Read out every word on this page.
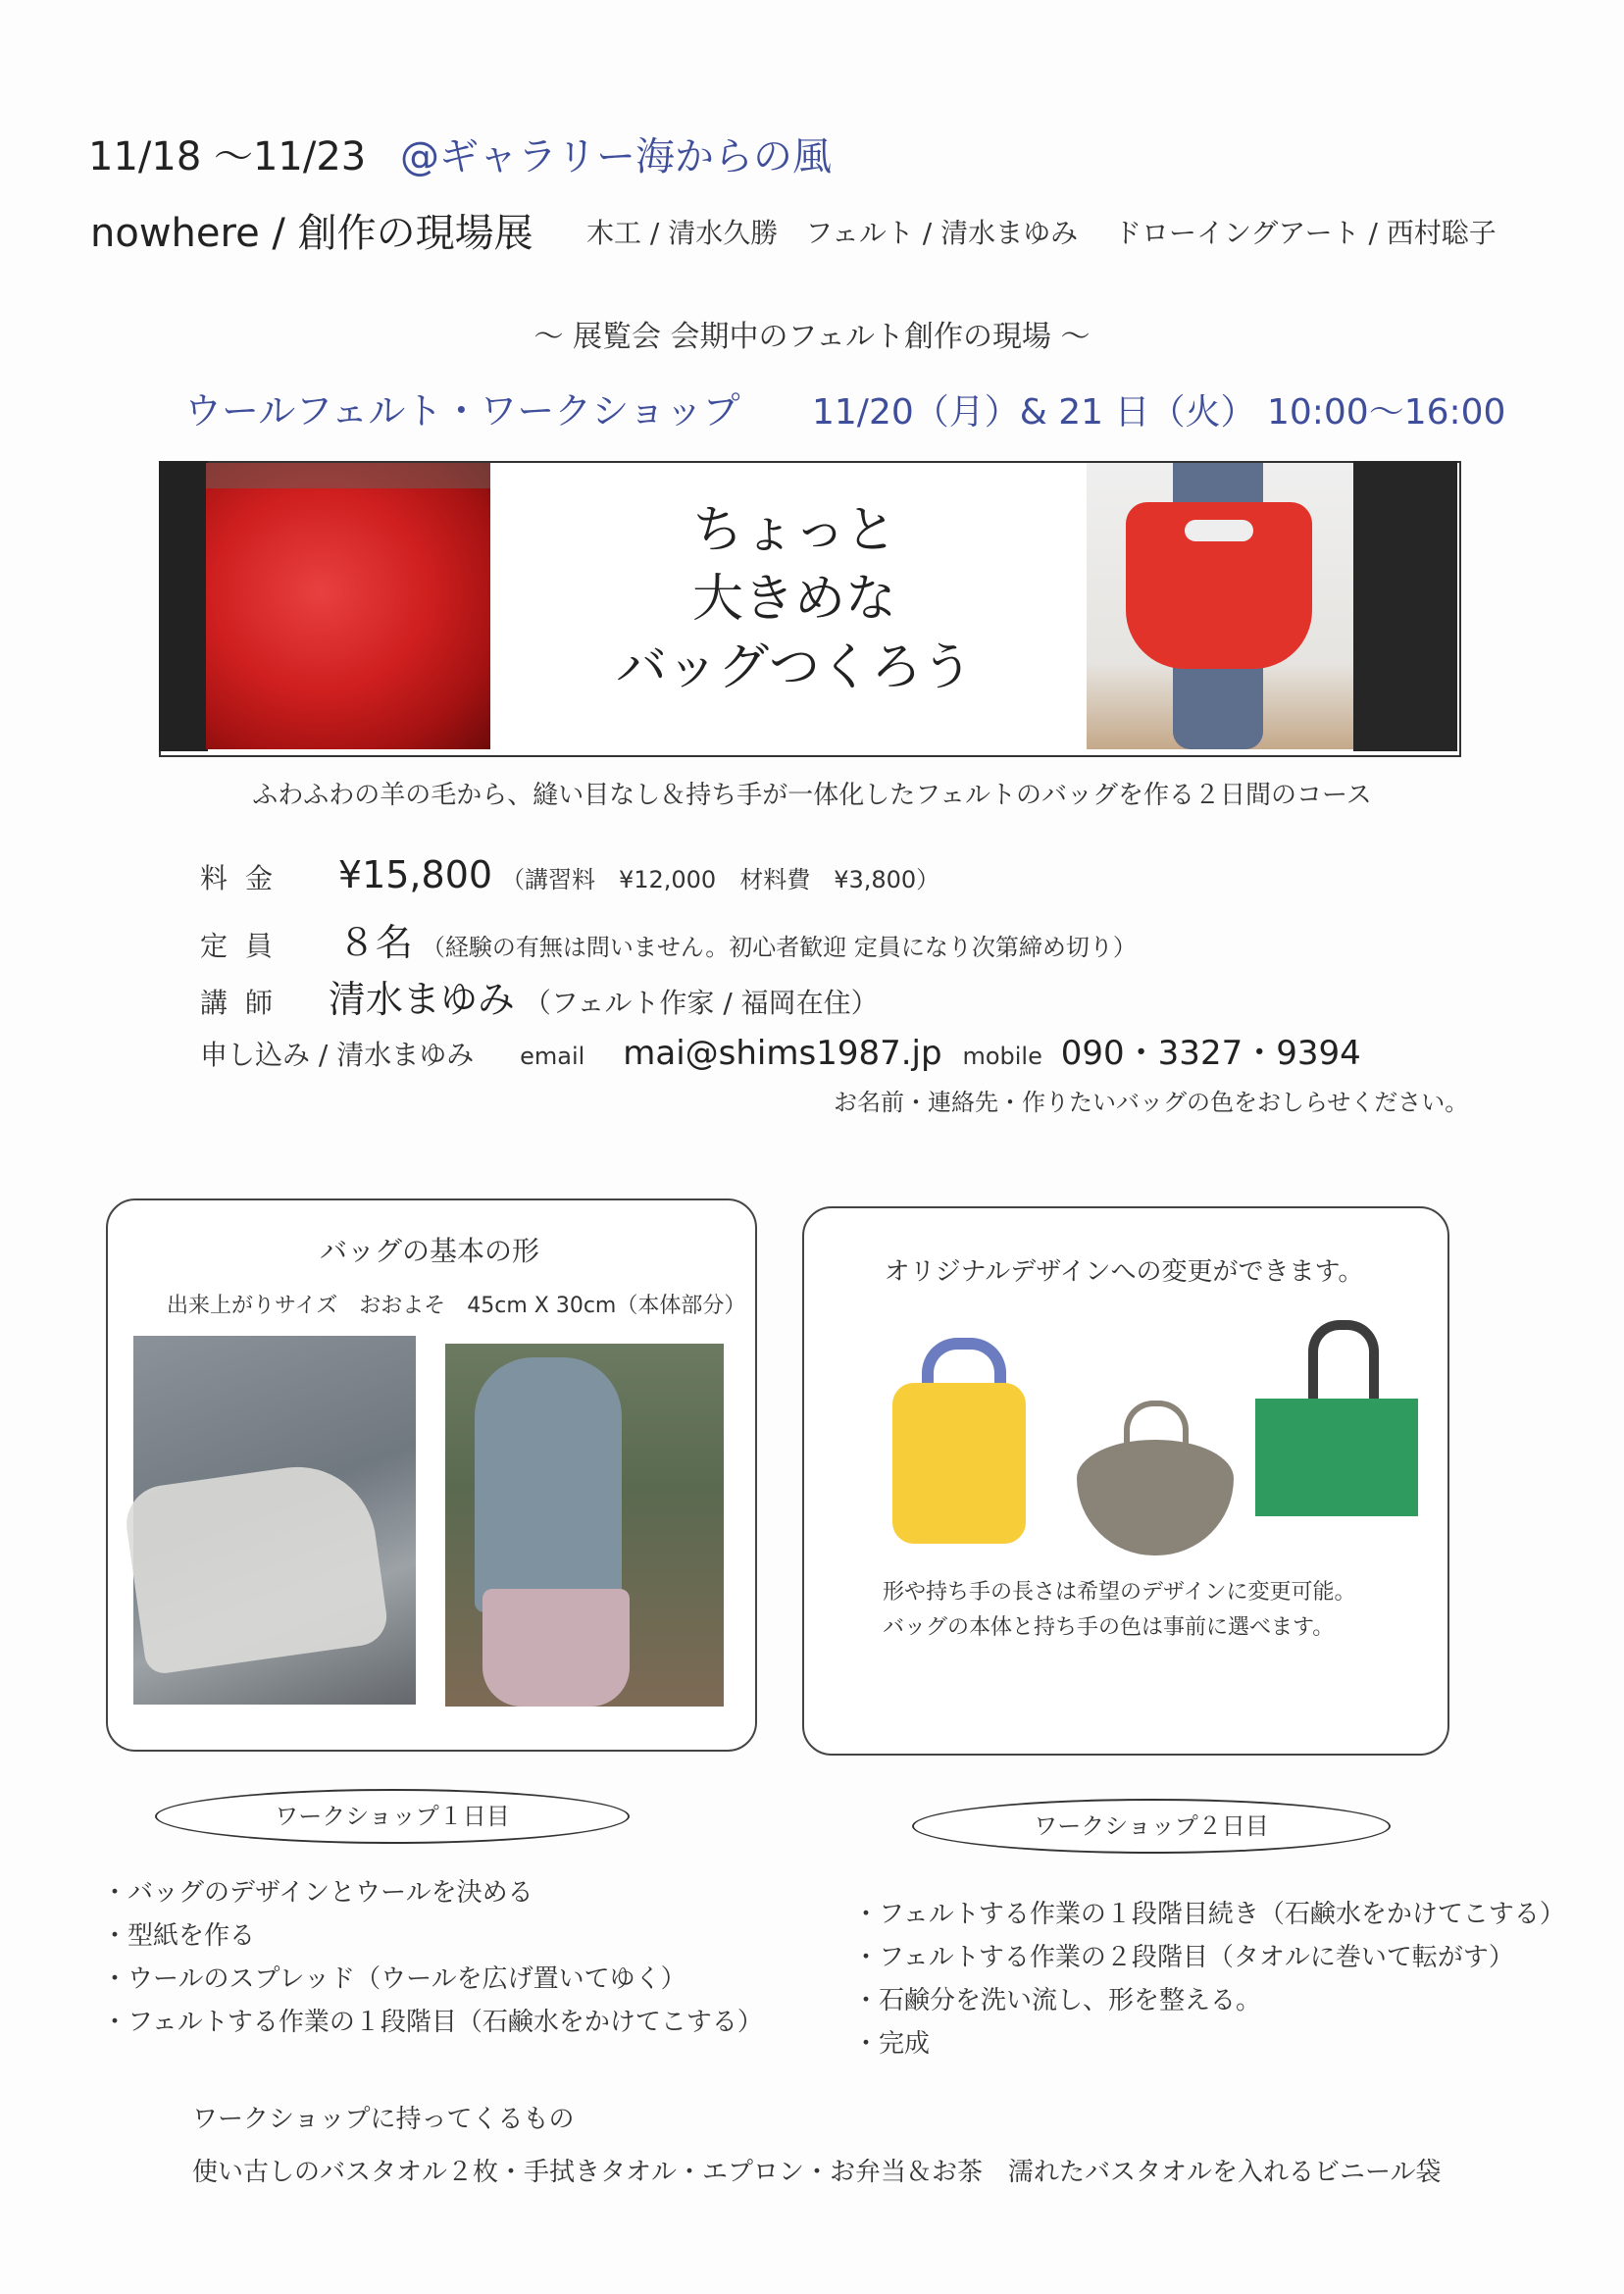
11/18 ～11/23 @ギャラリー海からの風
nowhere / 創作の現場展 木工 / 清水久勝　フェルト / 清水まゆみ　 ドローイングアート / 西村聡子
～ 展覧会 会期中のフェルト創作の現場 ～
ウールフェルト・ワークショップ 11/20（月）& 21 日（火） 10:00～16:00
ちょっと
大きめな
バッグつくろう
ふわふわの羊の毛から、縫い目なし＆持ち手が一体化したフェルトのバッグを作る２日間のコース
料金 ¥15,800 （講習料　¥12,000　材料費　¥3,800）
定員 ８名 （経験の有無は問いません。初心者歓迎 定員になり次第締め切り）
講師 清水まゆみ （フェルト作家 / 福岡在住）
申し込み / 清水まゆみ email mai@shims1987.jp mobile 090・3327・9394
お名前・連絡先・作りたいバッグの色をおしらせください。
バッグの基本の形
出来上がりサイズ　おおよそ　45cm X 30cm（本体部分）
オリジナルデザインへの変更ができます。
形や持ち手の長さは希望のデザインに変更可能。
バッグの本体と持ち手の色は事前に選べます。
ワークショップ１日目	ワークショップ２日目
・バッグのデザインとウールを決める
・型紙を作る
・ウールのスプレッド（ウールを広げ置いてゆく）
・フェルトする作業の１段階目（石鹸水をかけてこする）
・フェルトする作業の１段階目続き（石鹸水をかけてこする）
・フェルトする作業の２段階目（タオルに巻いて転がす）
・石鹸分を洗い流し、形を整える。
・完成
ワークショップに持ってくるもの
使い古しのバスタオル２枚・手拭きタオル・エプロン・お弁当＆お茶　濡れたバスタオルを入れるビニール袋
